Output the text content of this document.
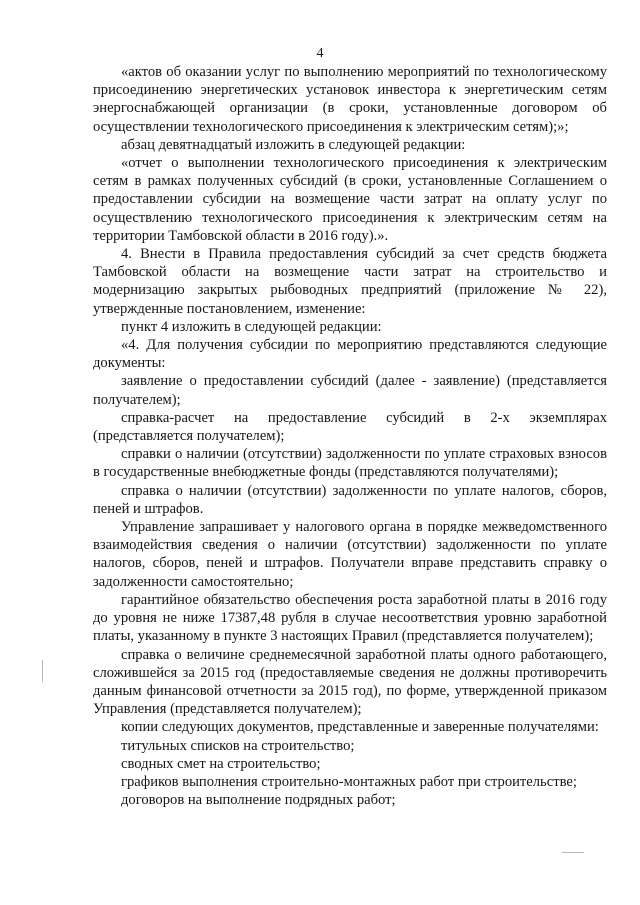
4

«актов об оказании услуг по выполнению мероприятий по технологическому присоединению энергетических установок инвестора к энергетическим сетям энергоснабжающей организации (в сроки, установленные договором об осуществлении технологического присоединения к электрическим сетям);»;

абзац девятнадцатый изложить в следующей редакции:

«отчет о выполнении технологического присоединения к электрическим сетям в рамках полученных субсидий (в сроки, установленные Соглашением о предоставлении субсидии на возмещение части затрат на оплату услуг по осуществлению технологического присоединения к электрическим сетям на территории Тамбовской области в 2016 году).».

4. Внести в Правила предоставления субсидий за счет средств бюджета Тамбовской области на возмещение части затрат на строительство и модернизацию закрытых рыбоводных предприятий (приложение № 22), утвержденные постановлением, изменение:

пункт 4 изложить в следующей редакции:

«4. Для получения субсидии по мероприятию представляются следующие документы:

заявление о предоставлении субсидий (далее - заявление) (представляется получателем);

справка-расчет на предоставление субсидий в 2-х экземплярах (представляется получателем);

справки о наличии (отсутствии) задолженности по уплате страховых взносов в государственные внебюджетные фонды (представляются получателями);

справка о наличии (отсутствии) задолженности по уплате налогов, сборов, пеней и штрафов.

Управление запрашивает у налогового органа в порядке межведомственного взаимодействия сведения о наличии (отсутствии) задолженности по уплате налогов, сборов, пеней и штрафов. Получатели вправе представить справку о задолженности самостоятельно;

гарантийное обязательство обеспечения роста заработной платы в 2016 году до уровня не ниже 17387,48 рубля в случае несоответствия уровню заработной платы, указанному в пункте 3 настоящих Правил (представляется получателем);

справка о величине среднемесячной заработной платы одного работающего, сложившейся за 2015 год (предоставляемые сведения не должны противоречить данным финансовой отчетности за 2015 год), по форме, утвержденной приказом Управления (представляется получателем);

копии следующих документов, представленные и заверенные получателями:

титульных списков на строительство;

сводных смет на строительство;

графиков выполнения строительно-монтажных работ при строительстве;

договоров на выполнение подрядных работ;
